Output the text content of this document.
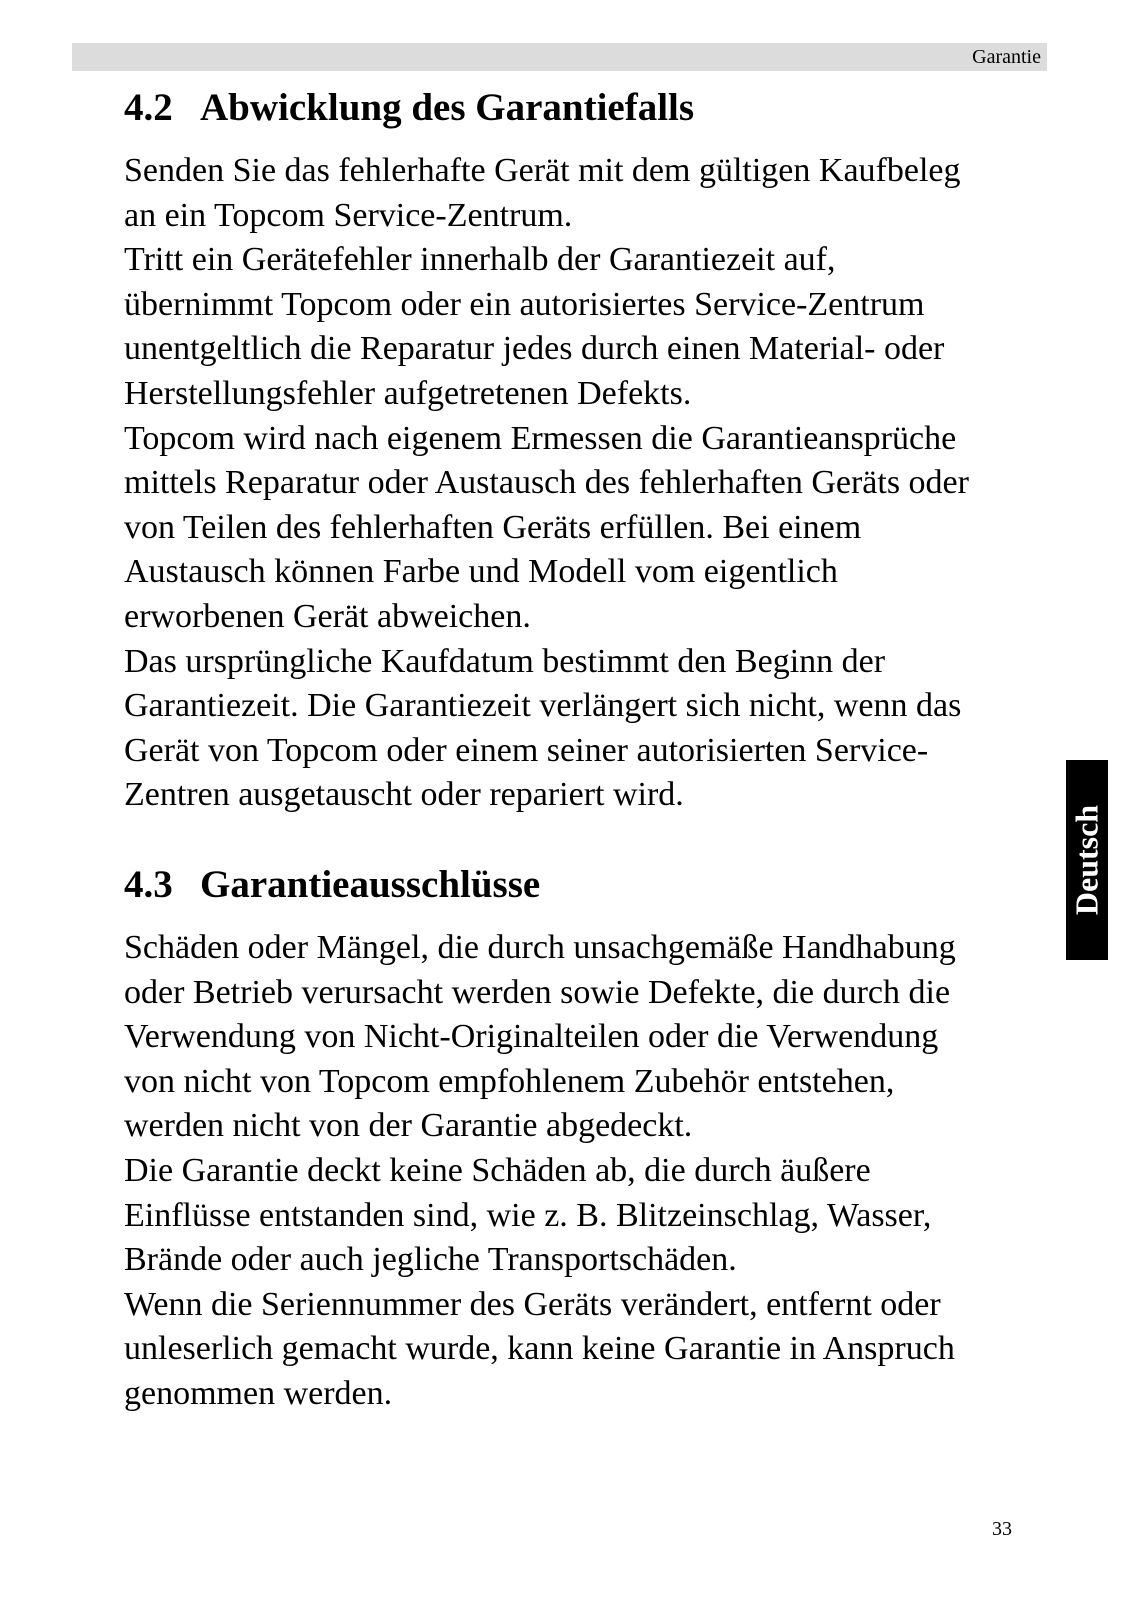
Garantie
4.2 Abwicklung des Garantiefalls
Senden Sie das fehlerhafte Gerät mit dem gültigen Kaufbeleg
an ein Topcom Service-Zentrum.
Tritt ein Gerätefehler innerhalb der Garantiezeit auf,
übernimmt Topcom oder ein autorisiertes Service-Zentrum
unentgeltlich die Reparatur jedes durch einen Material- oder
Herstellungsfehler aufgetretenen Defekts.
Topcom wird nach eigenem Ermessen die Garantieansprüche
mittels Reparatur oder Austausch des fehlerhaften Geräts oder
von Teilen des fehlerhaften Geräts erfüllen. Bei einem
Austausch können Farbe und Modell vom eigentlich
erworbenen Gerät abweichen.
Das ursprüngliche Kaufdatum bestimmt den Beginn der
Garantiezeit. Die Garantiezeit verlängert sich nicht, wenn das
Gerät von Topcom oder einem seiner autorisierten Service-
Zentren ausgetauscht oder repariert wird.
4.3 Garantieausschlüsse
Schäden oder Mängel, die durch unsachgemäße Handhabung
oder Betrieb verursacht werden sowie Defekte, die durch die
Verwendung von Nicht-Originalteilen oder die Verwendung
von nicht von Topcom empfohlenem Zubehör entstehen,
werden nicht von der Garantie abgedeckt.
Die Garantie deckt keine Schäden ab, die durch äußere
Einflüsse entstanden sind, wie z. B. Blitzeinschlag, Wasser,
Brände oder auch jegliche Transportschäden.
Wenn die Seriennummer des Geräts verändert, entfernt oder
unleserlich gemacht wurde, kann keine Garantie in Anspruch
genommen werden.
Deutsch
33
